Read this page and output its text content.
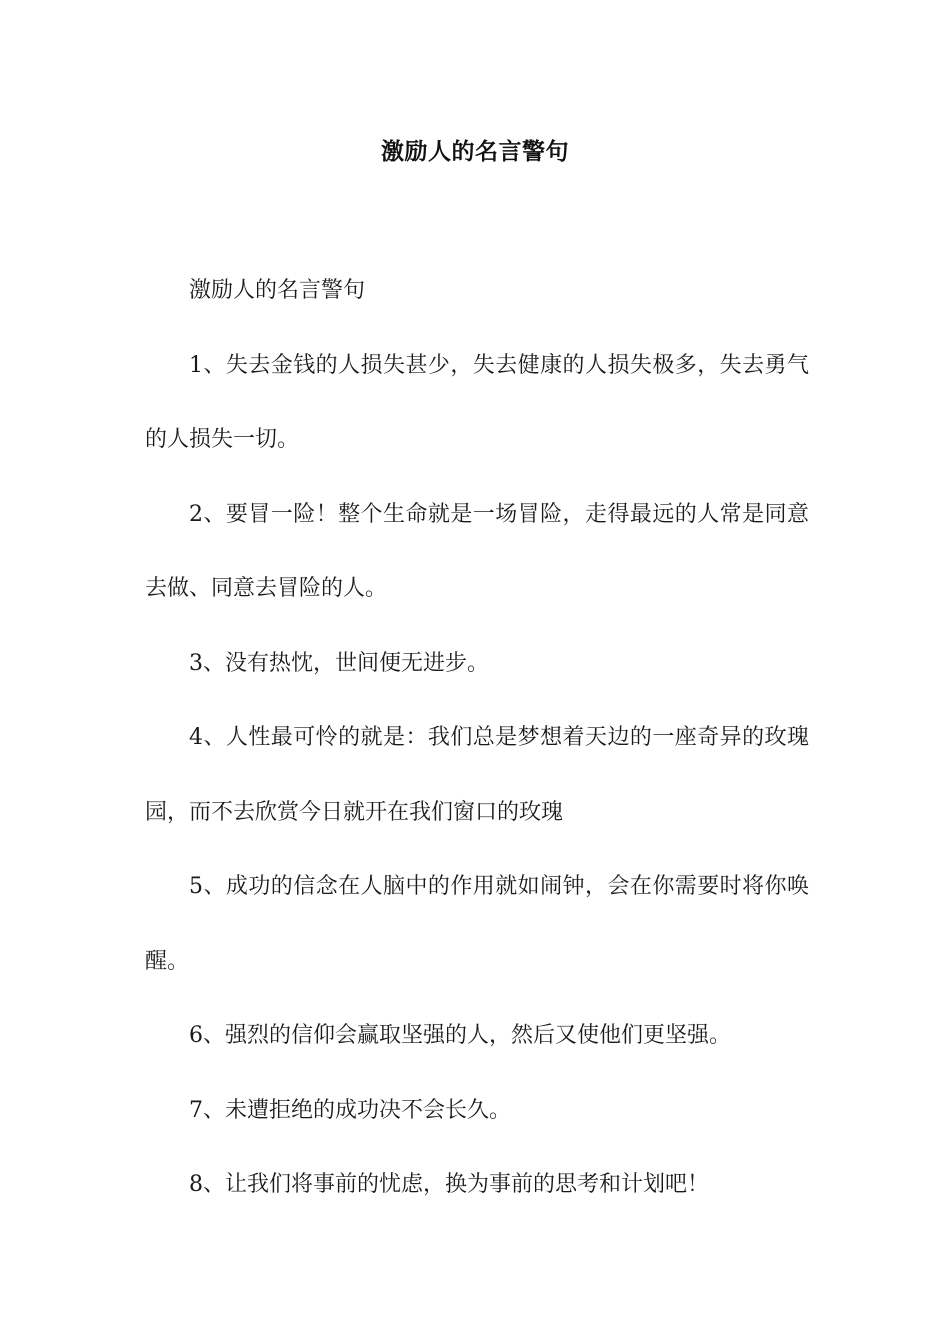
激励人的名言警句

激励人的名言警句

1、失去金钱的人损失甚少，失去健康的人损失极多，失去勇气的人损失一切。

2、要冒一险！整个生命就是一场冒险，走得最远的人常是同意去做、同意去冒险的人。

3、没有热忱，世间便无进步。

4、人性最可怜的就是：我们总是梦想着天边的一座奇异的玫瑰园，而不去欣赏今日就开在我们窗口的玫瑰

5、成功的信念在人脑中的作用就如闹钟，会在你需要时将你唤醒。

6、强烈的信仰会赢取坚强的人，然后又使他们更坚强。

7、未遭拒绝的成功决不会长久。

8、让我们将事前的忧虑，换为事前的思考和计划吧！
